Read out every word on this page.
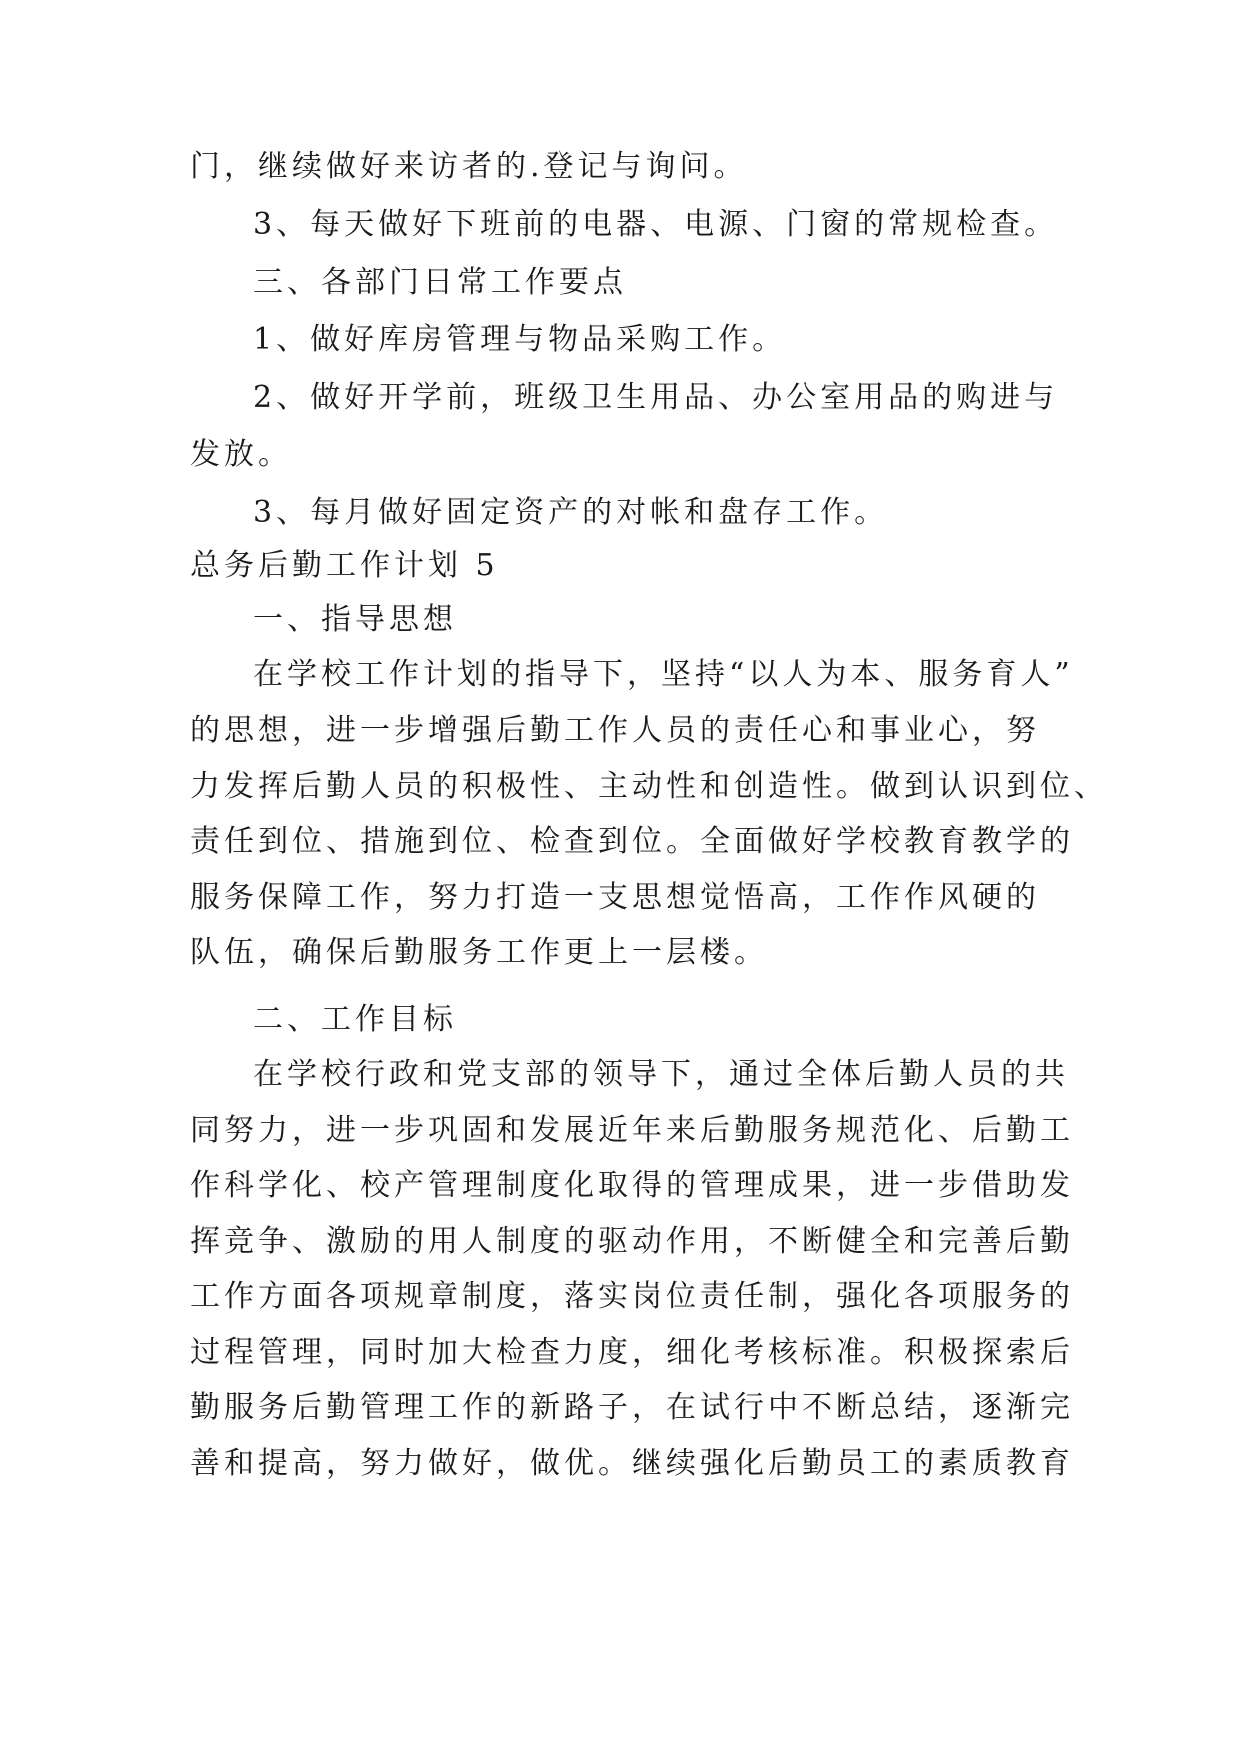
门，继续做好来访者的.登记与询问。
3、每天做好下班前的电器、电源、门窗的常规检查。
三、各部门日常工作要点
1、做好库房管理与物品采购工作。
2、做好开学前，班级卫生用品、办公室用品的购进与
发放。
3、每月做好固定资产的对帐和盘存工作。
总务后勤工作计划 5
一、指导思想
在学校工作计划的指导下，坚持“以人为本、服务育人”
的思想，进一步增强后勤工作人员的责任心和事业心，努
力发挥后勤人员的积极性、主动性和创造性。做到认识到位、
责任到位、措施到位、检查到位。全面做好学校教育教学的
服务保障工作，努力打造一支思想觉悟高，工作作风硬的
队伍，确保后勤服务工作更上一层楼。
二、工作目标
在学校行政和党支部的领导下，通过全体后勤人员的共
同努力，进一步巩固和发展近年来后勤服务规范化、后勤工
作科学化、校产管理制度化取得的管理成果，进一步借助发
挥竞争、激励的用人制度的驱动作用，不断健全和完善后勤
工作方面各项规章制度，落实岗位责任制，强化各项服务的
过程管理，同时加大检查力度，细化考核标准。积极探索后
勤服务后勤管理工作的新路子，在试行中不断总结，逐渐完
善和提高，努力做好，做优。继续强化后勤员工的素质教育
